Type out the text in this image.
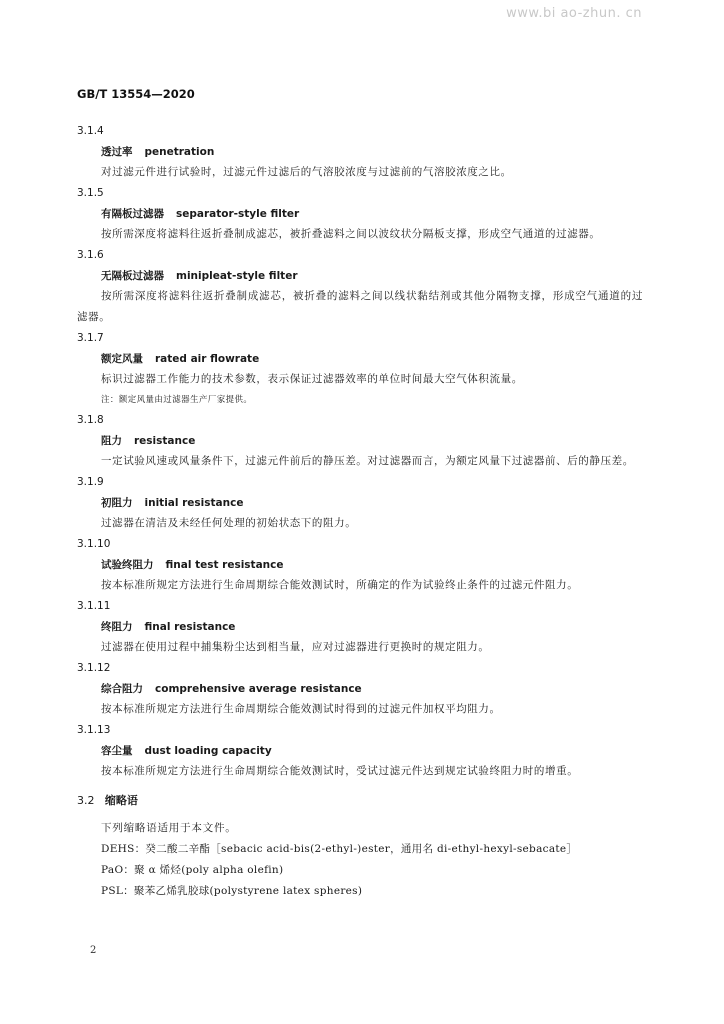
www.bi ao-zhun. cn
GB/T 13554—2020
3.1.4
透过率 penetration
对过滤元件进行试验时，过滤元件过滤后的气溶胶浓度与过滤前的气溶胶浓度之比。
3.1.5
有隔板过滤器 separator-style filter
按所需深度将滤料往返折叠制成滤芯，被折叠滤料之间以波纹状分隔板支撑，形成空气通道的过滤器。
3.1.6
无隔板过滤器 minipleat-style filter
按所需深度将滤料往返折叠制成滤芯，被折叠的滤料之间以线状黏结剂或其他分隔物支撑，形成空气通道的过滤器。
3.1.7
额定风量 rated air flowrate
标识过滤器工作能力的技术参数，表示保证过滤器效率的单位时间最大空气体积流量。
注：额定风量由过滤器生产厂家提供。
3.1.8
阻力 resistance
一定试验风速或风量条件下，过滤元件前后的静压差。对过滤器而言，为额定风量下过滤器前、后的静压差。
3.1.9
初阻力 initial resistance
过滤器在清洁及未经任何处理的初始状态下的阻力。
3.1.10
试验终阻力 final test resistance
按本标准所规定方法进行生命周期综合能效测试时，所确定的作为试验终止条件的过滤元件阻力。
3.1.11
终阻力 final resistance
过滤器在使用过程中捕集粉尘达到相当量，应对过滤器进行更换时的规定阻力。
3.1.12
综合阻力 comprehensive average resistance
按本标准所规定方法进行生命周期综合能效测试时得到的过滤元件加权平均阻力。
3.1.13
容尘量 dust loading capacity
按本标准所规定方法进行生命周期综合能效测试时，受试过滤元件达到规定试验终阻力时的增重。
3.2 缩略语
下列缩略语适用于本文件。
DEHS：癸二酸二辛酯［sebacic acid-bis(2-ethyl-)ester，通用名 di-ethyl-hexyl-sebacate］
PaO：聚 α 烯烃(poly alpha olefin)
PSL：聚苯乙烯乳胶球(polystyrene latex spheres)
2
